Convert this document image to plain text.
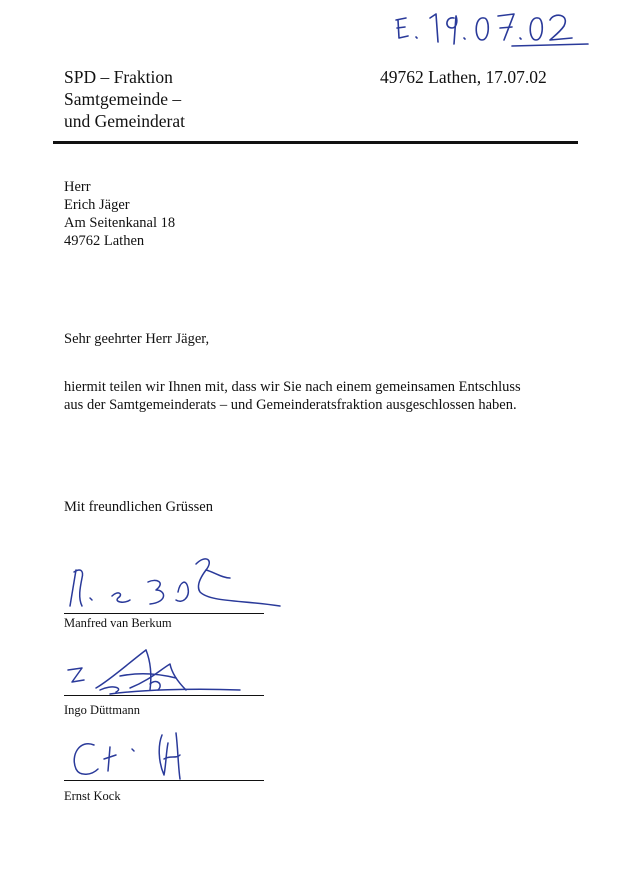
SPD – Fraktion
Samtgemeinde –
und Gemeinderat
49762 Lathen, 17.07.02
Herr
Erich Jäger
Am Seitenkanal 18
49762 Lathen
Sehr geehrter Herr Jäger,
hiermit teilen wir Ihnen mit, dass wir Sie nach einem gemeinsamen Entschluss
aus der Samtgemeinderats – und Gemeinderatsfraktion ausgeschlossen haben.
Mit freundlichen Grüssen
Manfred van Berkum
Ingo Düttmann
Ernst Kock
